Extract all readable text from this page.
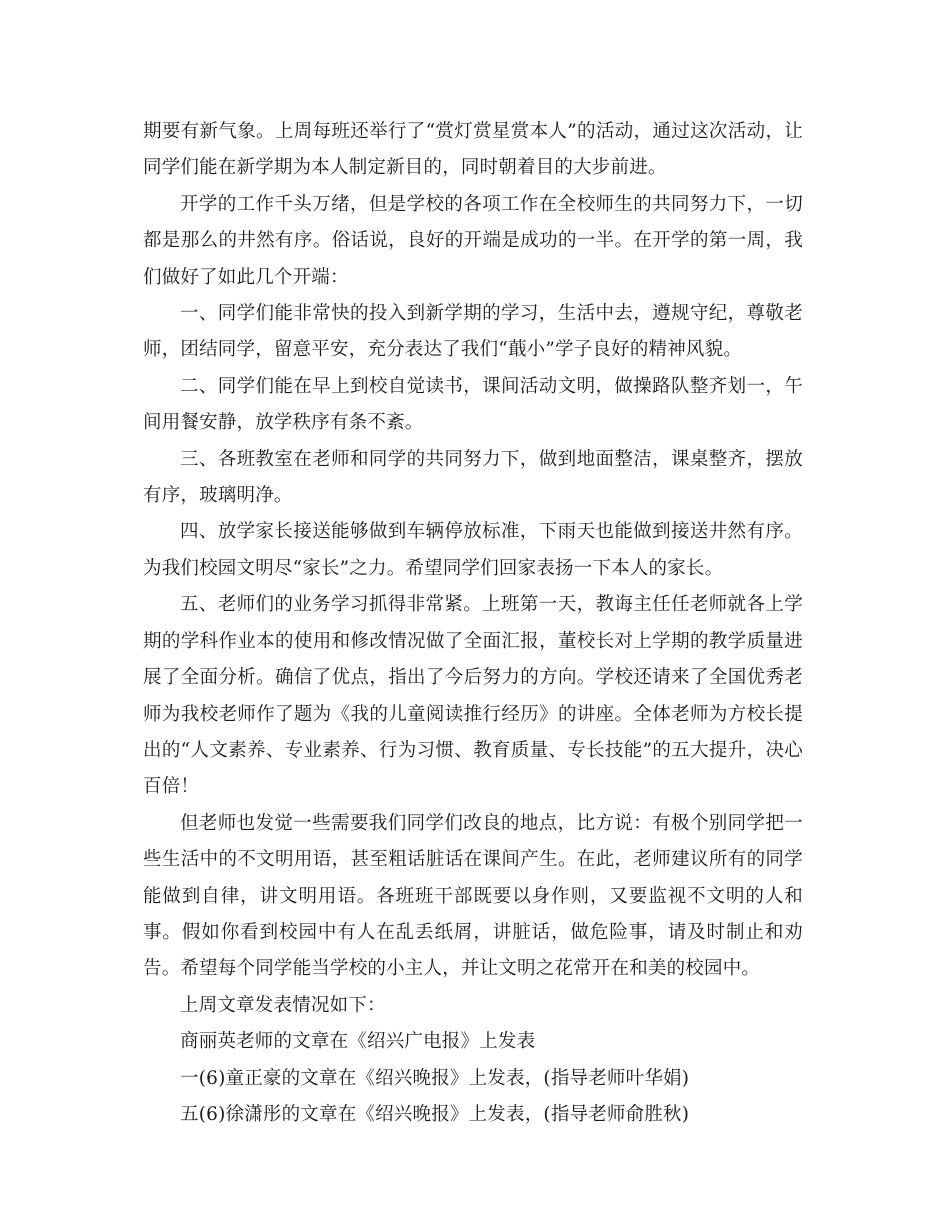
期要有新气象。上周每班还举行了“赏灯赏星赏本人”的活动，通过这次活动，让同学们能在新学期为本人制定新目的，同时朝着目的大步前进。

开学的工作千头万绪，但是学校的各项工作在全校师生的共同努力下，一切都是那么的井然有序。俗话说，良好的开端是成功的一半。在开学的第一周，我们做好了如此几个开端：

一、同学们能非常快的投入到新学期的学习，生活中去，遵规守纪，尊敬老师，团结同学，留意平安，充分表达了我们“蕺小”学子良好的精神风貌。

二、同学们能在早上到校自觉读书，课间活动文明，做操路队整齐划一，午间用餐安静，放学秩序有条不紊。

三、各班教室在老师和同学的共同努力下，做到地面整洁，课桌整齐，摆放有序，玻璃明净。

四、放学家长接送能够做到车辆停放标准，下雨天也能做到接送井然有序。为我们校园文明尽“家长”之力。希望同学们回家表扬一下本人的家长。

五、老师们的业务学习抓得非常紧。上班第一天，教诲主任任老师就各上学期的学科作业本的使用和修改情况做了全面汇报，董校长对上学期的教学质量进展了全面分析。确信了优点，指出了今后努力的方向。学校还请来了全国优秀老师为我校老师作了题为《我的儿童阅读推行经历》的讲座。全体老师为方校长提出的“人文素养、专业素养、行为习惯、教育质量、专长技能”的五大提升，决心百倍！

但老师也发觉一些需要我们同学们改良的地点，比方说：有极个别同学把一些生活中的不文明用语，甚至粗话脏话在课间产生。在此，老师建议所有的同学能做到自律，讲文明用语。各班班干部既要以身作则，又要监视不文明的人和事。假如你看到校园中有人在乱丢纸屑，讲脏话，做危险事，请及时制止和劝告。希望每个同学能当学校的小主人，并让文明之花常开在和美的校园中。

上周文章发表情况如下：

商丽英老师的文章在《绍兴广电报》上发表

一(6)童正豪的文章在《绍兴晚报》上发表，(指导老师叶华娟)

五(6)徐潇彤的文章在《绍兴晚报》上发表，(指导老师俞胜秋)
